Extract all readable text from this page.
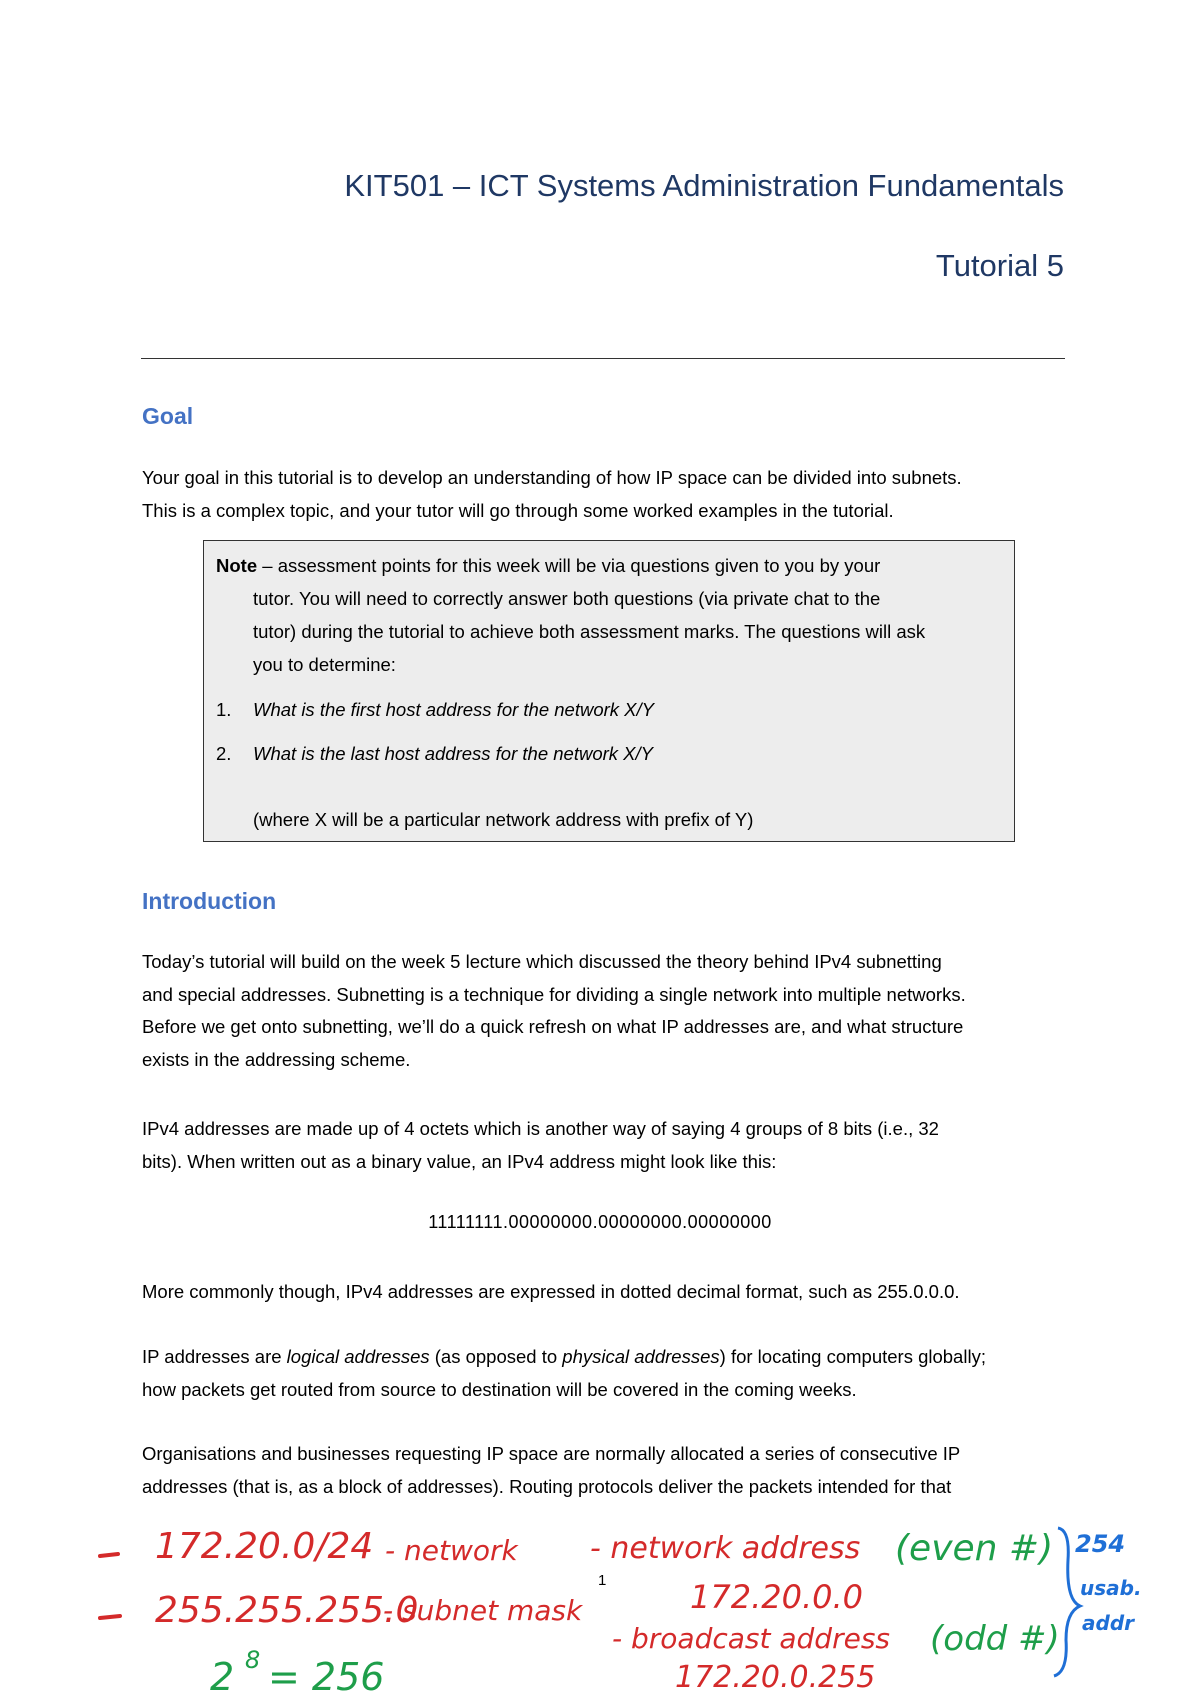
KIT501 – ICT Systems Administration Fundamentals
Tutorial 5
Goal
Your goal in this tutorial is to develop an understanding of how IP space can be divided into subnets.
This is a complex topic, and your tutor will go through some worked examples in the tutorial.
Note – assessment points for this week will be via questions given to you by your
tutor. You will need to correctly answer both questions (via private chat to the
tutor) during the tutorial to achieve both assessment marks. The questions will ask
you to determine:
1. What is the first host address for the network X/Y
2. What is the last host address for the network X/Y
(where X will be a particular network address with prefix of Y)
Introduction
Today’s tutorial will build on the week 5 lecture which discussed the theory behind IPv4 subnetting
and special addresses. Subnetting is a technique for dividing a single network into multiple networks.
Before we get onto subnetting, we’ll do a quick refresh on what IP addresses are, and what structure
exists in the addressing scheme.
IPv4 addresses are made up of 4 octets which is another way of saying 4 groups of 8 bits (i.e., 32
bits). When written out as a binary value, an IPv4 address might look like this:
11111111.00000000.00000000.00000000
More commonly though, IPv4 addresses are expressed in dotted decimal format, such as 255.0.0.0.
IP addresses are logical addresses (as opposed to physical addresses) for locating computers globally;
how packets get routed from source to destination will be covered in the coming weeks.
Organisations and businesses requesting IP space are normally allocated a series of consecutive IP
addresses (that is, as a block of addresses). Routing protocols deliver the packets intended for that
1
172.20.0/24 - network
255.255.255.0
- subnet mask
- network address
172.20.0.0
- broadcast address
172.20.0.255
(even #)
(odd #)
2 8 = 256
254
usab.
addr
